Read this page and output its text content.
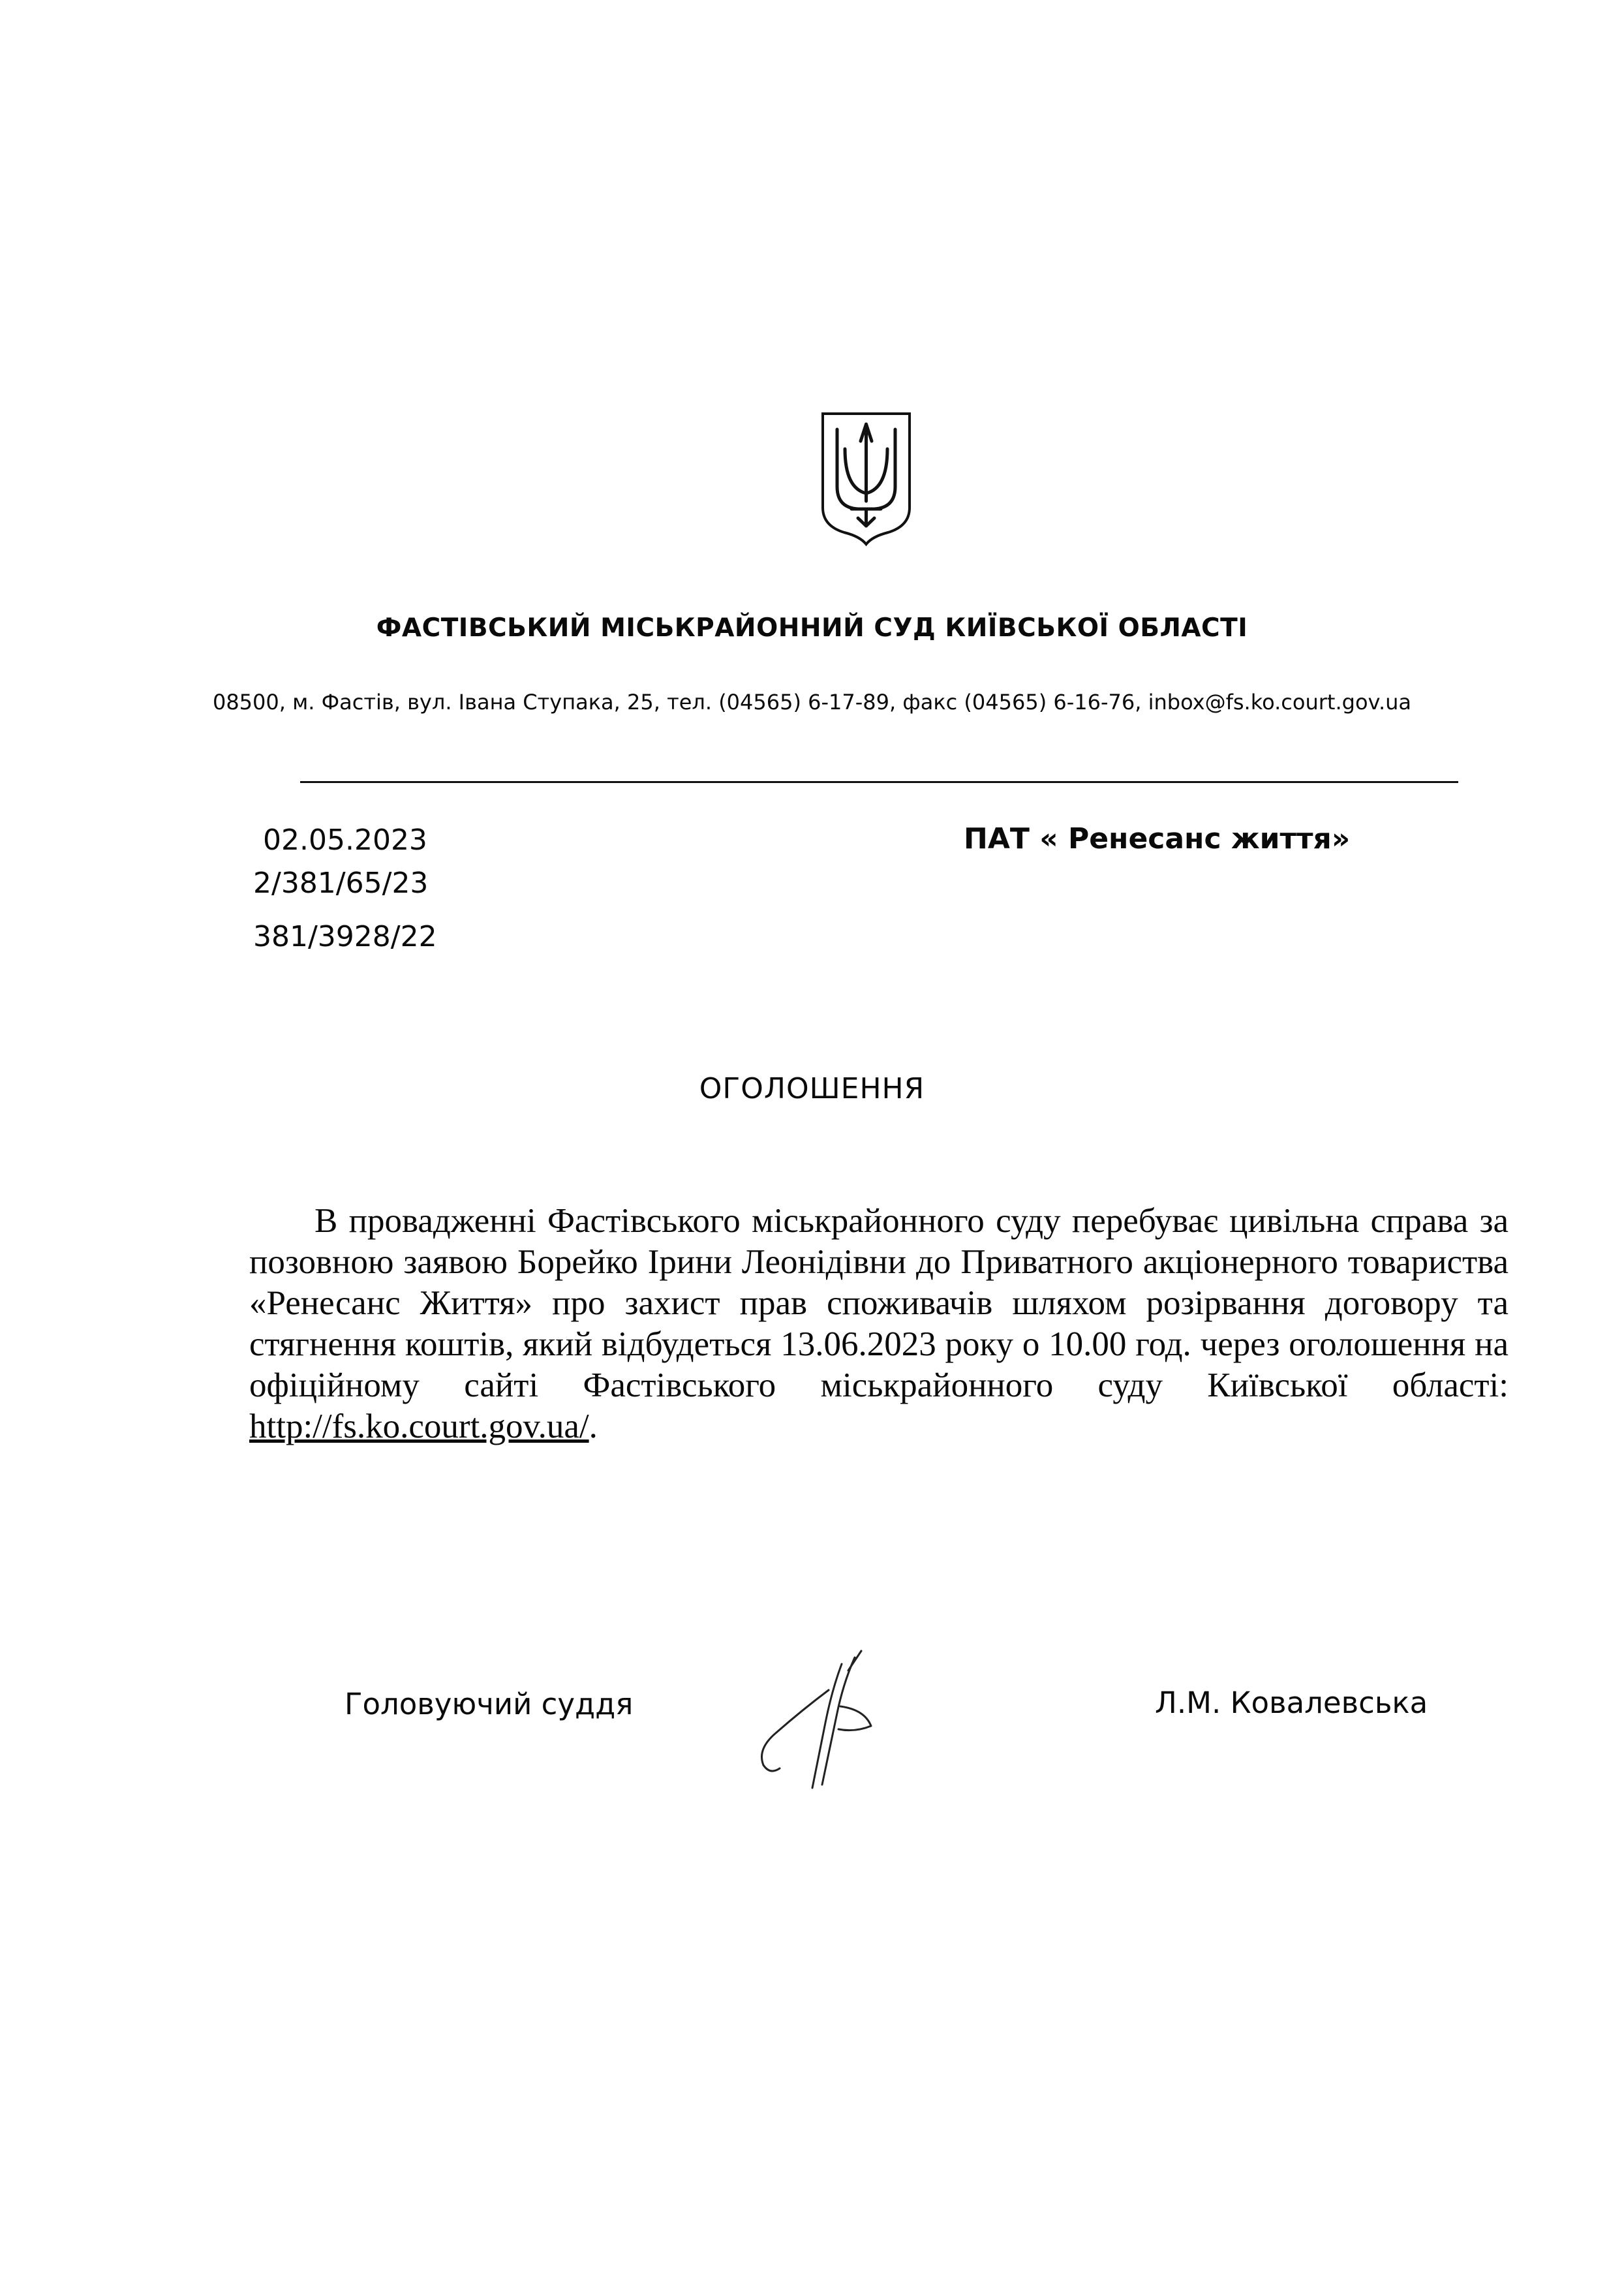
ФАСТІВСЬКИЙ МІСЬКРАЙОННИЙ СУД КИЇВСЬКОЇ ОБЛАСТІ
08500, м. Фастів, вул. Івана Ступака, 25, тел. (04565) 6-17-89, факс (04565) 6-16-76, inbox@fs.ko.court.gov.ua
02.05.2023
2/381/65/23
381/3928/22
ПАТ « Ренесанс життя»
ОГОЛОШЕННЯ
В провадженні Фастівського міськрайонного суду перебуває цивільна справа за позовною заявою Борейко Ірини Леонідівни до Приватного акціонерного товариства «Ренесанс Життя» про захист прав споживачів шляхом розірвання договору та стягнення коштів, який відбудеться 13.06.2023 року о 10.00 год. через оголошення на офіційному сайті Фастівського міськрайонного суду Київської області: http://fs.ko.court.gov.ua/.
Головуючий суддя	Л.М. Ковалевська
